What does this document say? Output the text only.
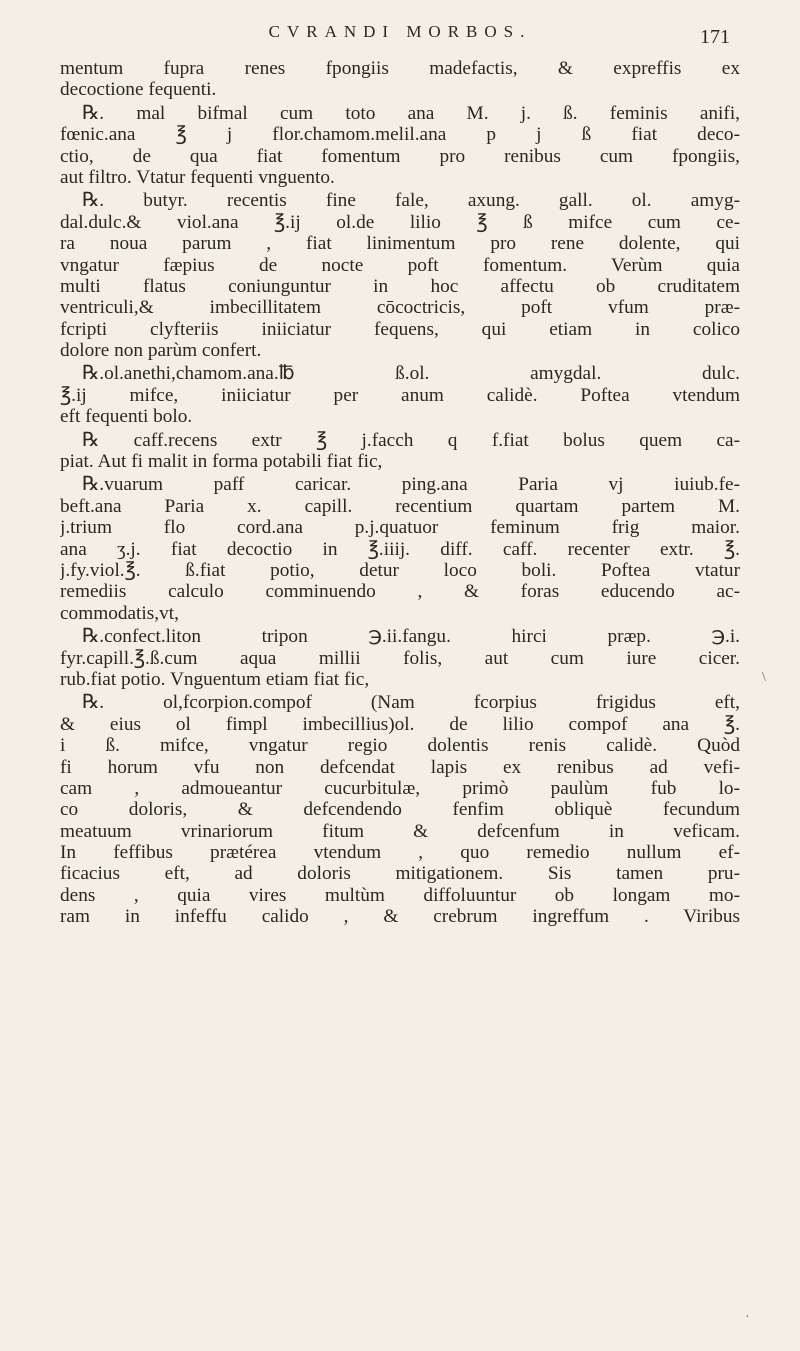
CVRANDI MORBOS.	171
mentum fupra renes fpongiis madefactis, & expreffis ex
decoctione fequenti.
℞. mal bifmal cum toto ana M. j. ß. feminis anifi,
fœnic.ana ℥ j flor.chamom.melil.ana p j ß fiat deco-
ctio, de qua fiat fomentum pro renibus cum fpongiis,
aut filtro. Vtatur fequenti vnguento.
℞. butyr. recentis fine fale, axung. gall. ol. amyg-
dal.dulc.& viol.ana ℥.ij ol.de lilio ℥ ß mifce cum ce-
ra noua parum , fiat linimentum pro rene dolente, qui
vngatur fæpius de nocte poft fomentum. Verùm quia
multi flatus coniunguntur in hoc affectu ob cruditatem
ventriculi,& imbecillitatem cōcoctricis, poft vfum præ-
fcripti clyfteriis iniiciatur fequens, qui etiam in colico
dolore non parùm confert.
℞.ol.anethi,chamom.ana.℔ ß.ol. amygdal. dulc.
℥.ij mifce, iniiciatur per anum calidè. Poftea vtendum
eft fequenti bolo.
℞ caff.recens extr ℥ j.facch q f.fiat bolus quem ca-
piat. Aut fi malit in forma potabili fiat fic,
℞.vuarum paff caricar. ping.ana Paria vj iuiub.fe-
beft.ana Paria x. capill. recentium quartam partem M.
j.trium flo cord.ana p.j.quatuor feminum frig maior.
ana ʒ.j. fiat decoctio in ℥.iiij. diff. caff. recenter extr. ℥.
j.fy.viol.℥. ß.fiat potio, detur loco boli. Poftea vtatur
remediis calculo comminuendo , & foras educendo ac-
commodatis,vt,
℞.confect.liton tripon ℈.ii.fangu. hirci præp. ℈.i.
fyr.capill.℥.ß.cum aqua millii folis, aut cum iure cicer.
rub.fiat potio. Vnguentum etiam fiat fic,
℞. ol,fcorpion.compof (Nam fcorpius frigidus eft,
& eius ol fimpl imbecillius)ol. de lilio compof ana ℥.
i ß. mifce, vngatur regio dolentis renis calidè. Quòd
fi horum vfu non defcendat lapis ex renibus ad vefi-
cam , admoueantur cucurbitulæ, primò paulùm fub lo-
co doloris, & defcendendo fenfim obliquè fecundum
meatuum vrinariorum fitum & defcenfum in veficam.
In feffibus prætérea vtendum , quo remedio nullum ef-
ficacius eft, ad doloris mitigationem. Sis tamen pru-
dens , quia vires multùm diffoluuntur ob longam mo-
ram in infeffu calido , & crebrum ingreffum . Viribus
\
·
